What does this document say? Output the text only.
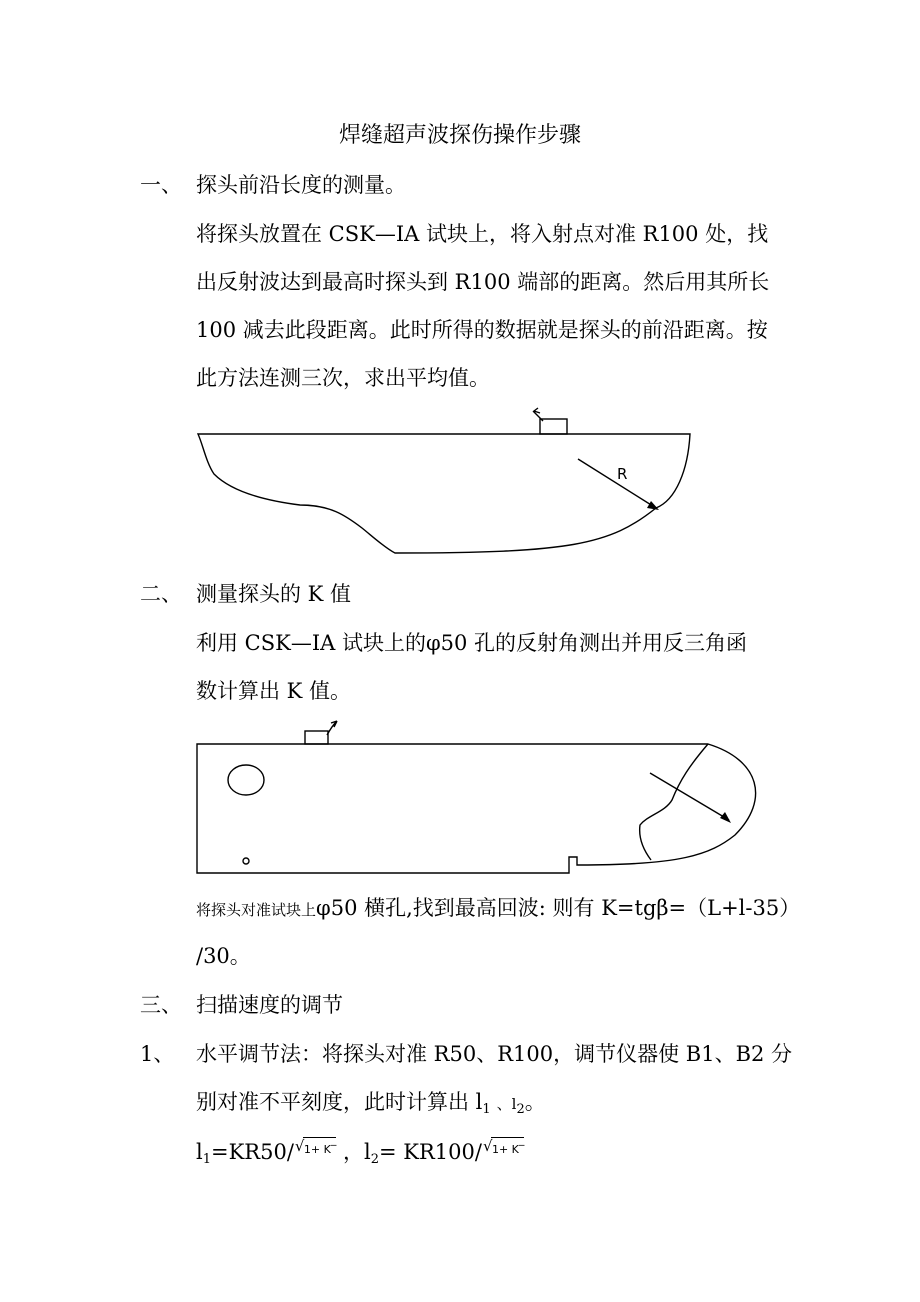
焊缝超声波探伤操作步骤
一、 探头前沿长度的测量。
将探头放置在 CSK—ⅠA 试块上，将入射点对准 R100 处，找
出反射波达到最高时探头到 R100 端部的距离。然后用其所长
100 减去此段距离。此时所得的数据就是探头的前沿距离。按
此方法连测三次，求出平均值。
R
二、 测量探头的 K 值
利用 CSK—ⅠA 试块上的φ50 孔的反射角测出并用反三角函
数计算出 K 值。
将探头对准试块上φ50 横孔,找到最高回波: 则有 K=tgβ=（L+l-35）
/30。
三、 扫描速度的调节
1、 水平调节法：将探头对准 R50、R100，调节仪器使 B1、B2 分
别对准不平刻度，此时计算出 $l_1$ 、$l_2$。
$l_1=KR50/$ √ 1+ K‾ ，$l_2= KR100/$ √ 1+ K‾
